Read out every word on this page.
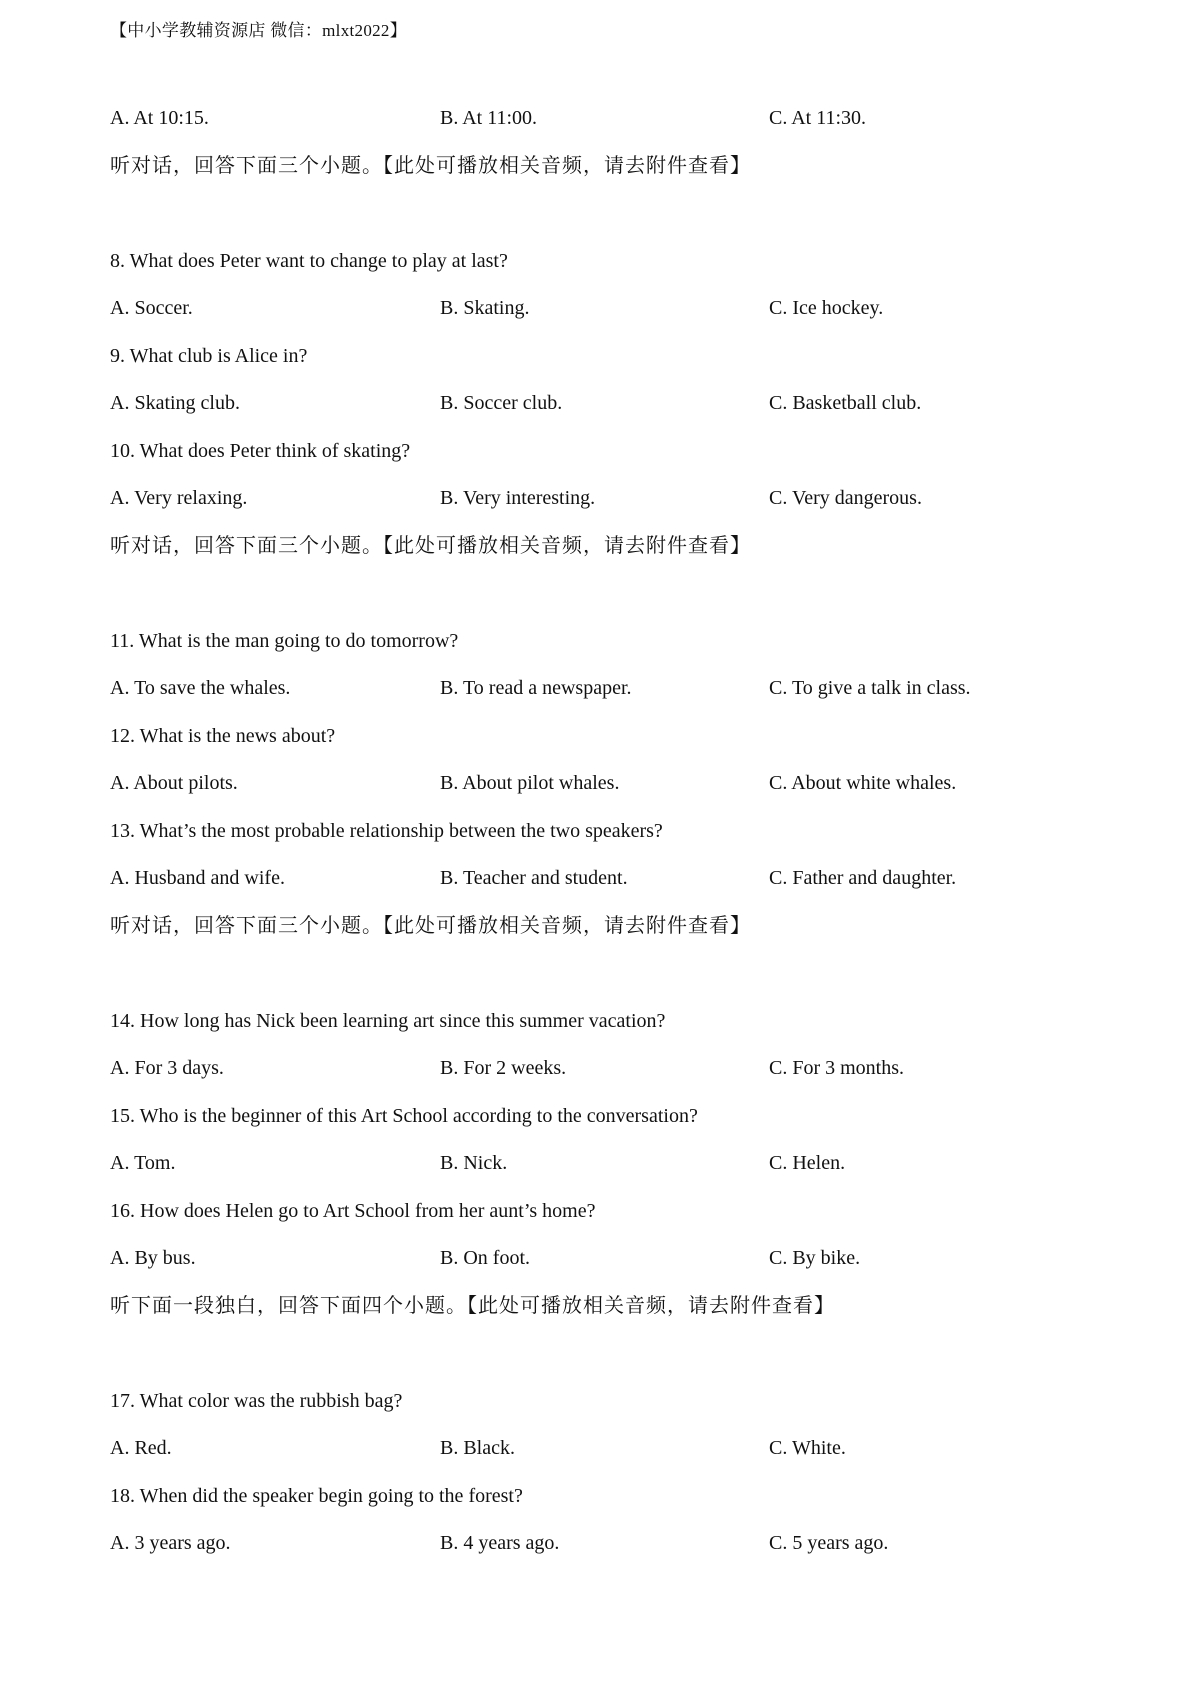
【中小学教辅资源店 微信：mlxt2022】
A. At 10:15.	B. At 11:00.	C. At 11:30.
听对话，回答下面三个小题。【此处可播放相关音频，请去附件查看】
8. What does Peter want to change to play at last?
A. Soccer.	B. Skating.	C. Ice hockey.
9. What club is Alice in?
A. Skating club.	B. Soccer club.	C. Basketball club.
10. What does Peter think of skating?
A. Very relaxing.	B. Very interesting.	C. Very dangerous.
听对话，回答下面三个小题。【此处可播放相关音频，请去附件查看】
11. What is the man going to do tomorrow?
A. To save the whales.	B. To read a newspaper.	C. To give a talk in class.
12. What is the news about?
A. About pilots.	B. About pilot whales.	C. About white whales.
13. What’s the most probable relationship between the two speakers?
A. Husband and wife.	B. Teacher and student.	C. Father and daughter.
听对话，回答下面三个小题。【此处可播放相关音频，请去附件查看】
14. How long has Nick been learning art since this summer vacation?
A. For 3 days.	B. For 2 weeks.	C. For 3 months.
15. Who is the beginner of this Art School according to the conversation?
A. Tom.	B. Nick.	C. Helen.
16. How does Helen go to Art School from her aunt’s home?
A. By bus.	B. On foot.	C. By bike.
听下面一段独白，回答下面四个小题。【此处可播放相关音频，请去附件查看】
17. What color was the rubbish bag?
A. Red.	B. Black.	C. White.
18. When did the speaker begin going to the forest?
A. 3 years ago.	B. 4 years ago.	C. 5 years ago.
